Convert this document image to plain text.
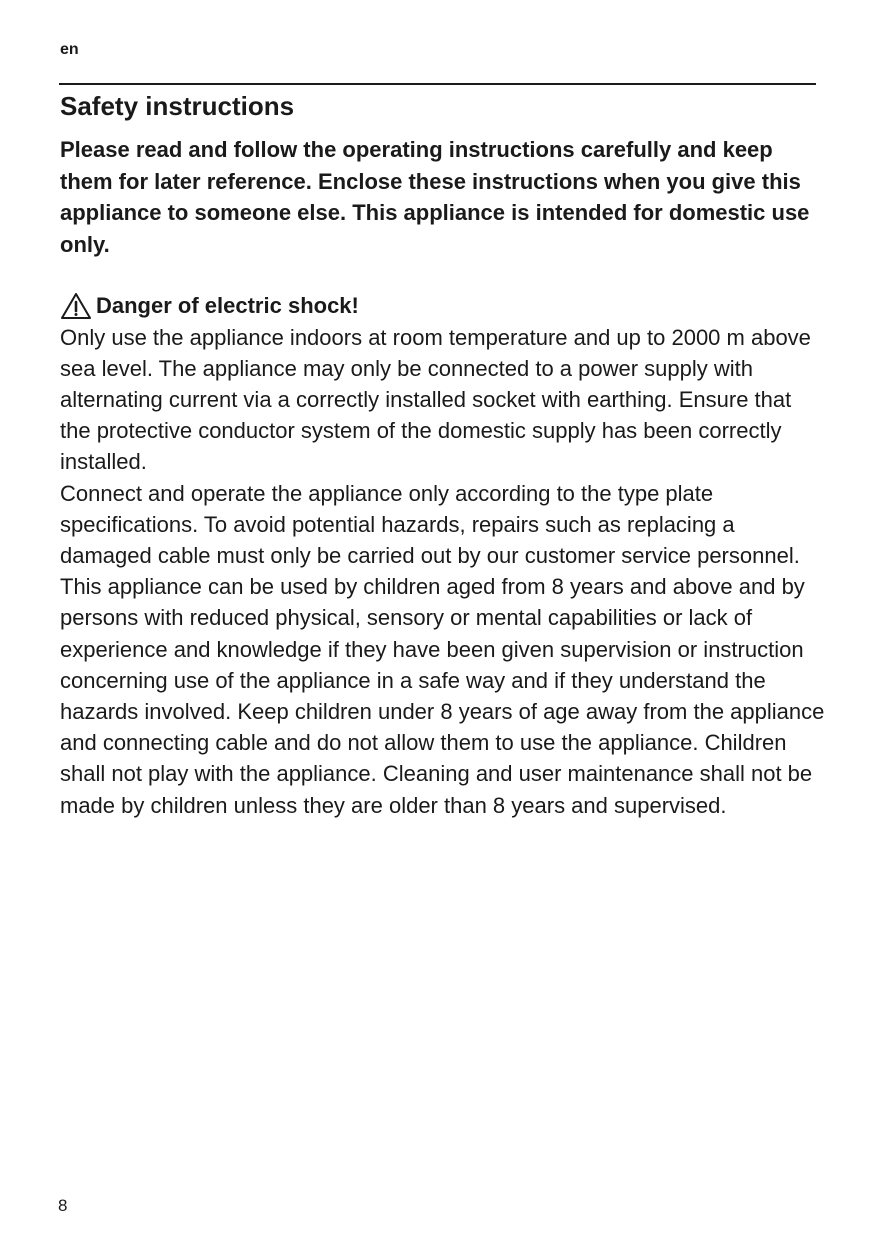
en
Safety instructions

Please read and follow the operating instructions carefully and keep them for later reference. Enclose these instructions when you give this appliance to someone else. This appliance is intended for domestic use only.

Danger of electric shock!

Only use the appliance indoors at room temperature and up to 2000 m above sea level. The appliance may only be connected to a power supply with alternating current via a correctly installed socket with earthing. Ensure that the protective conductor system of the domestic supply has been correctly installed.

Connect and operate the appliance only according to the type plate specifications. To avoid potential hazards, repairs such as replacing a damaged cable must only be carried out by our customer service personnel.

This appliance can be used by children aged from 8 years and above and by persons with reduced physical, sensory or mental capabilities or lack of experience and knowledge if they have been given supervision or instruction concerning use of the appliance in a safe way and if they understand the hazards involved. Keep children under 8 years of age away from the appliance and connecting cable and do not allow them to use the appliance. Children shall not play with the appliance. Cleaning and user maintenance shall not be made by children unless they are older than 8 years and supervised.

8
